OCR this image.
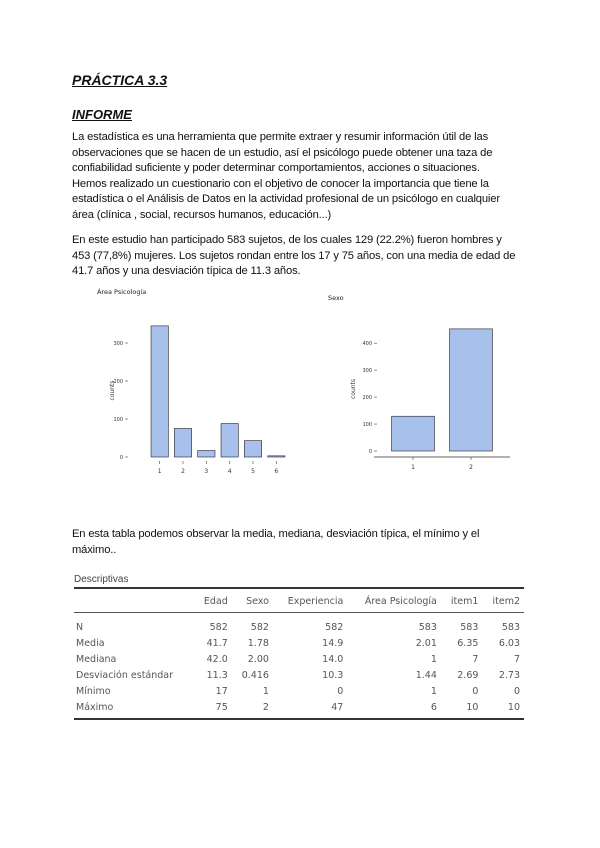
PRÁCTICA 3.3
INFORME
La estadística es una herramienta que permite extraer y resumir información útil de las
observaciones que se hacen de un estudio, así el psicólogo puede obtener una taza de
confiabilidad suficiente y poder determinar comportamientos, acciones o situaciones.
Hemos realizado un cuestionario con el objetivo de conocer la importancia que tiene la
estadística o el Análisis de Datos en la actividad profesional de un psicólogo en cualquier
área (clínica , social, recursos humanos, educación...)
En este estudio han participado 583 sujetos, de los cuales 129 (22.2%) fueron hombres y
453 (77,8%) mujeres. Los sujetos rondan entre los 17 y 75 años, con una media de edad de
41.7 años y una desviación típica de 11.3 años.
Área Psicología
0
100
200
300
counts
1	2	3	4	5	6
Sexo
0
100
200
300
400
counts
1	2
En esta tabla podemos observar la media, mediana, desviación típica, el mínimo y el
máximo..
Descriptivas
	Edad	Sexo	Experiencia	Área Psicología	item1	item2
N	582	582	582	583	583	583
Media	41.7	1.78	14.9	2.01	6.35	6.03
Mediana	42.0	2.00	14.0	1	7	7
Desviación estándar	11.3	0.416	10.3	1.44	2.69	2.73
Mínimo	17	1	0	1	0	0
Máximo	75	2	47	6	10	10
